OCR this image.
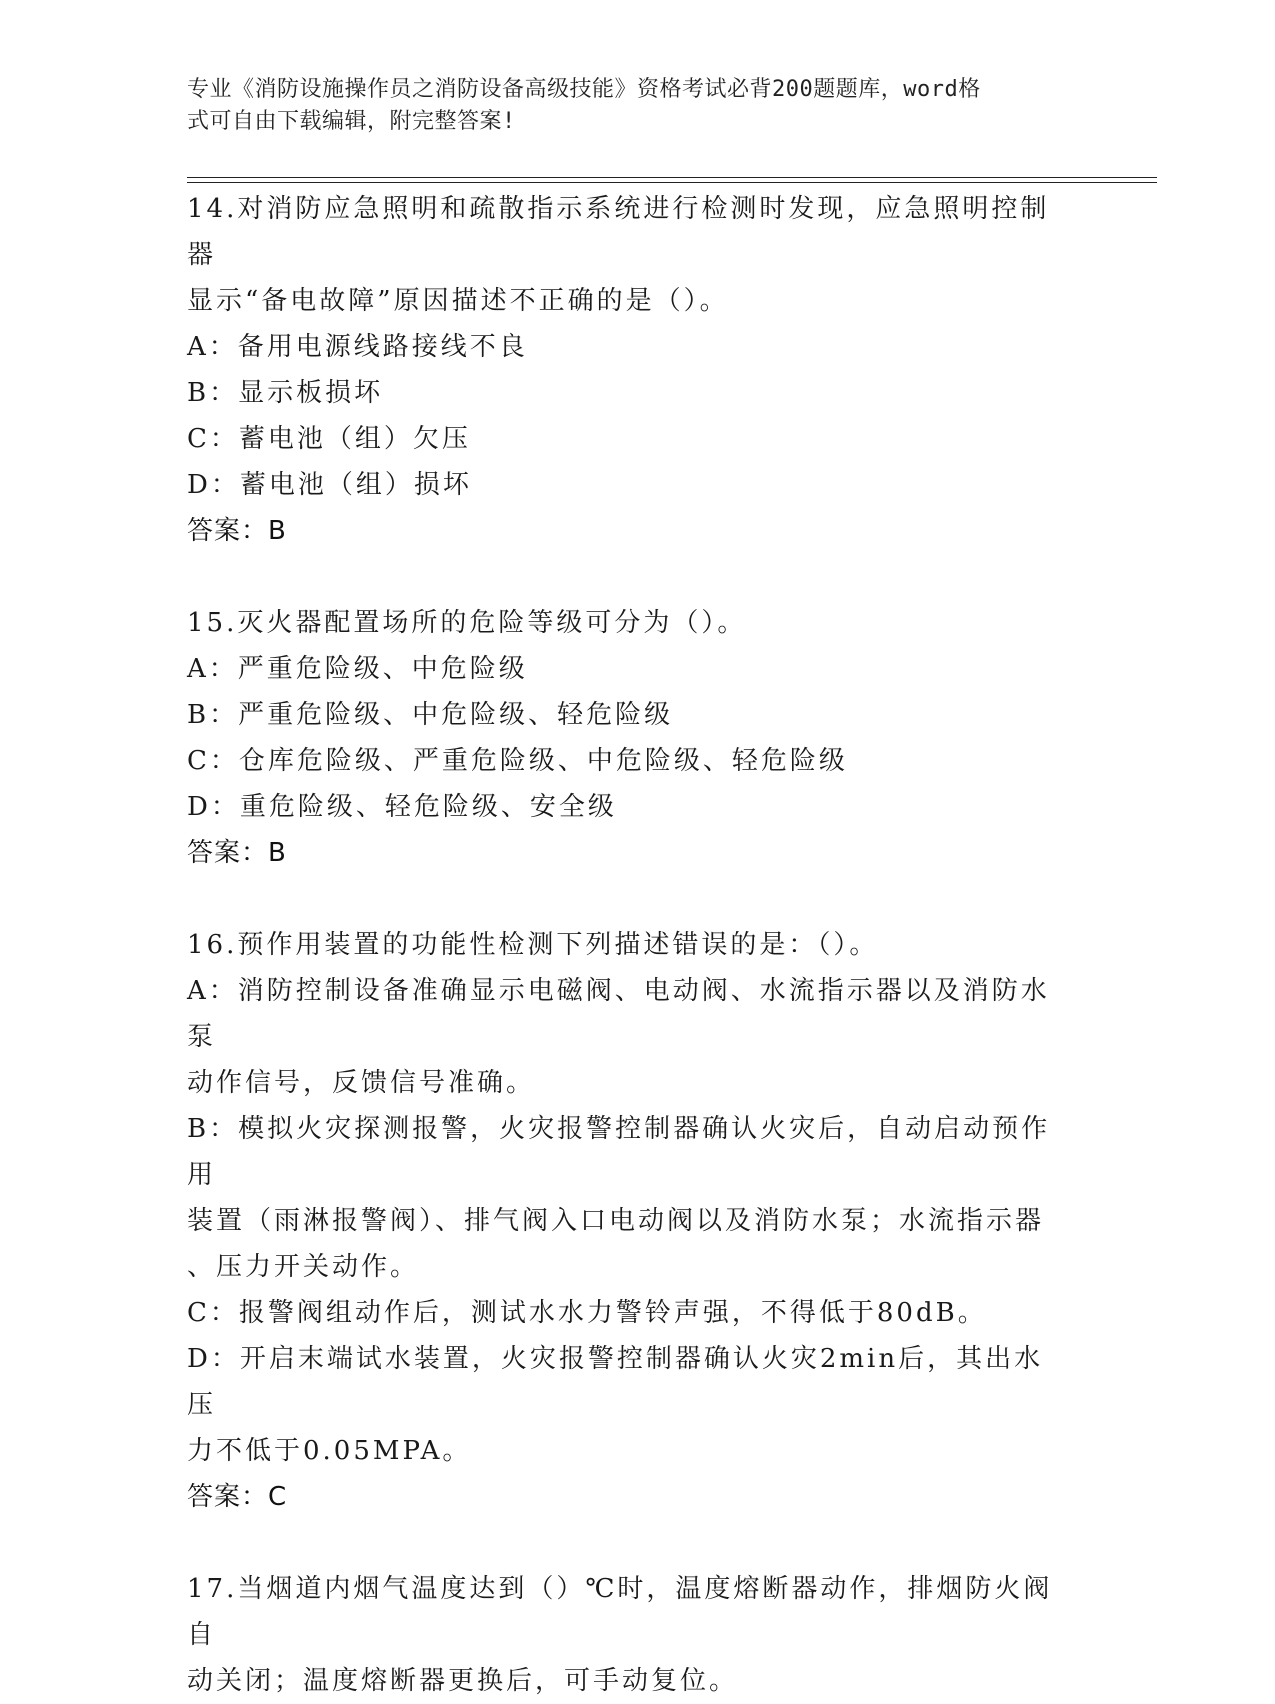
专业《消防设施操作员之消防设备高级技能》资格考试必背200题题库，word格
式可自由下载编辑，附完整答案!
14.对消防应急照明和疏散指示系统进行检测时发现，应急照明控制器
显示“备电故障”原因描述不正确的是（）。
A：备用电源线路接线不良
B：显示板损坏
C：蓄电池（组）欠压
D：蓄电池（组）损坏
答案：B
15.灭火器配置场所的危险等级可分为（）。
A：严重危险级、中危险级
B：严重危险级、中危险级、轻危险级
C：仓库危险级、严重危险级、中危险级、轻危险级
D：重危险级、轻危险级、安全级
答案：B
16.预作用装置的功能性检测下列描述错误的是：（）。
A：消防控制设备准确显示电磁阀、电动阀、水流指示器以及消防水泵
动作信号，反馈信号准确。
B：模拟火灾探测报警，火灾报警控制器确认火灾后，自动启动预作用
装置（雨淋报警阀）、排气阀入口电动阀以及消防水泵；水流指示器
、压力开关动作。
C：报警阀组动作后，测试水水力警铃声强，不得低于80dB。
D：开启末端试水装置，火灾报警控制器确认火灾2min后，其出水压
力不低于0.05MPA。
答案：C
17.当烟道内烟气温度达到（）℃时，温度熔断器动作，排烟防火阀自
动关闭；温度熔断器更换后，可手动复位。
